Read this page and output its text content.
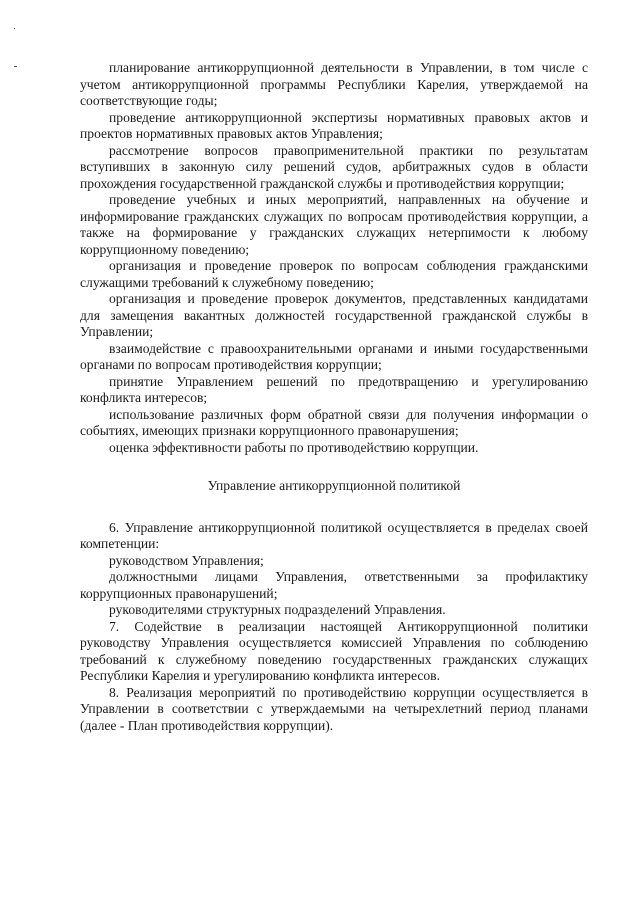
планирование антикоррупционной деятельности в Управлении, в том числе с учетом антикоррупционной программы Республики Карелия, утверждаемой на соответствующие годы;

проведение антикоррупционной экспертизы нормативных правовых актов и проектов нормативных правовых актов Управления;

рассмотрение вопросов правоприменительной практики по результатам вступивших в законную силу решений судов, арбитражных судов в области прохождения государственной гражданской службы и противодействия коррупции;

проведение учебных и иных мероприятий, направленных на обучение и информирование гражданских служащих по вопросам противодействия коррупции, а также на формирование у гражданских служащих нетерпимости к любому коррупционному поведению;

организация и проведение проверок по вопросам соблюдения гражданскими служащими требований к служебному поведению;

организация и проведение проверок документов, представленных кандидатами для замещения вакантных должностей государственной гражданской службы в Управлении;

взаимодействие с правоохранительными органами и иными государственными органами по вопросам противодействия коррупции;

принятие Управлением решений по предотвращению и урегулированию конфликта интересов;

использование различных форм обратной связи для получения информации о событиях, имеющих признаки коррупционного правонарушения;

оценка эффективности работы по противодействию коррупции.

Управление антикоррупционной политикой

6. Управление антикоррупционной политикой осуществляется в пределах своей компетенции:

руководством Управления;

должностными лицами Управления, ответственными за профилактику коррупционных правонарушений;

руководителями структурных подразделений Управления.

7. Содействие в реализации настоящей Антикоррупционной политики руководству Управления осуществляется комиссией Управления по соблюдению требований к служебному поведению государственных гражданских служащих Республики Карелия и урегулированию конфликта интересов.

8. Реализация мероприятий по противодействию коррупции осуществляется в Управлении в соответствии с утверждаемыми на четырехлетний период планами (далее - План противодействия коррупции).
